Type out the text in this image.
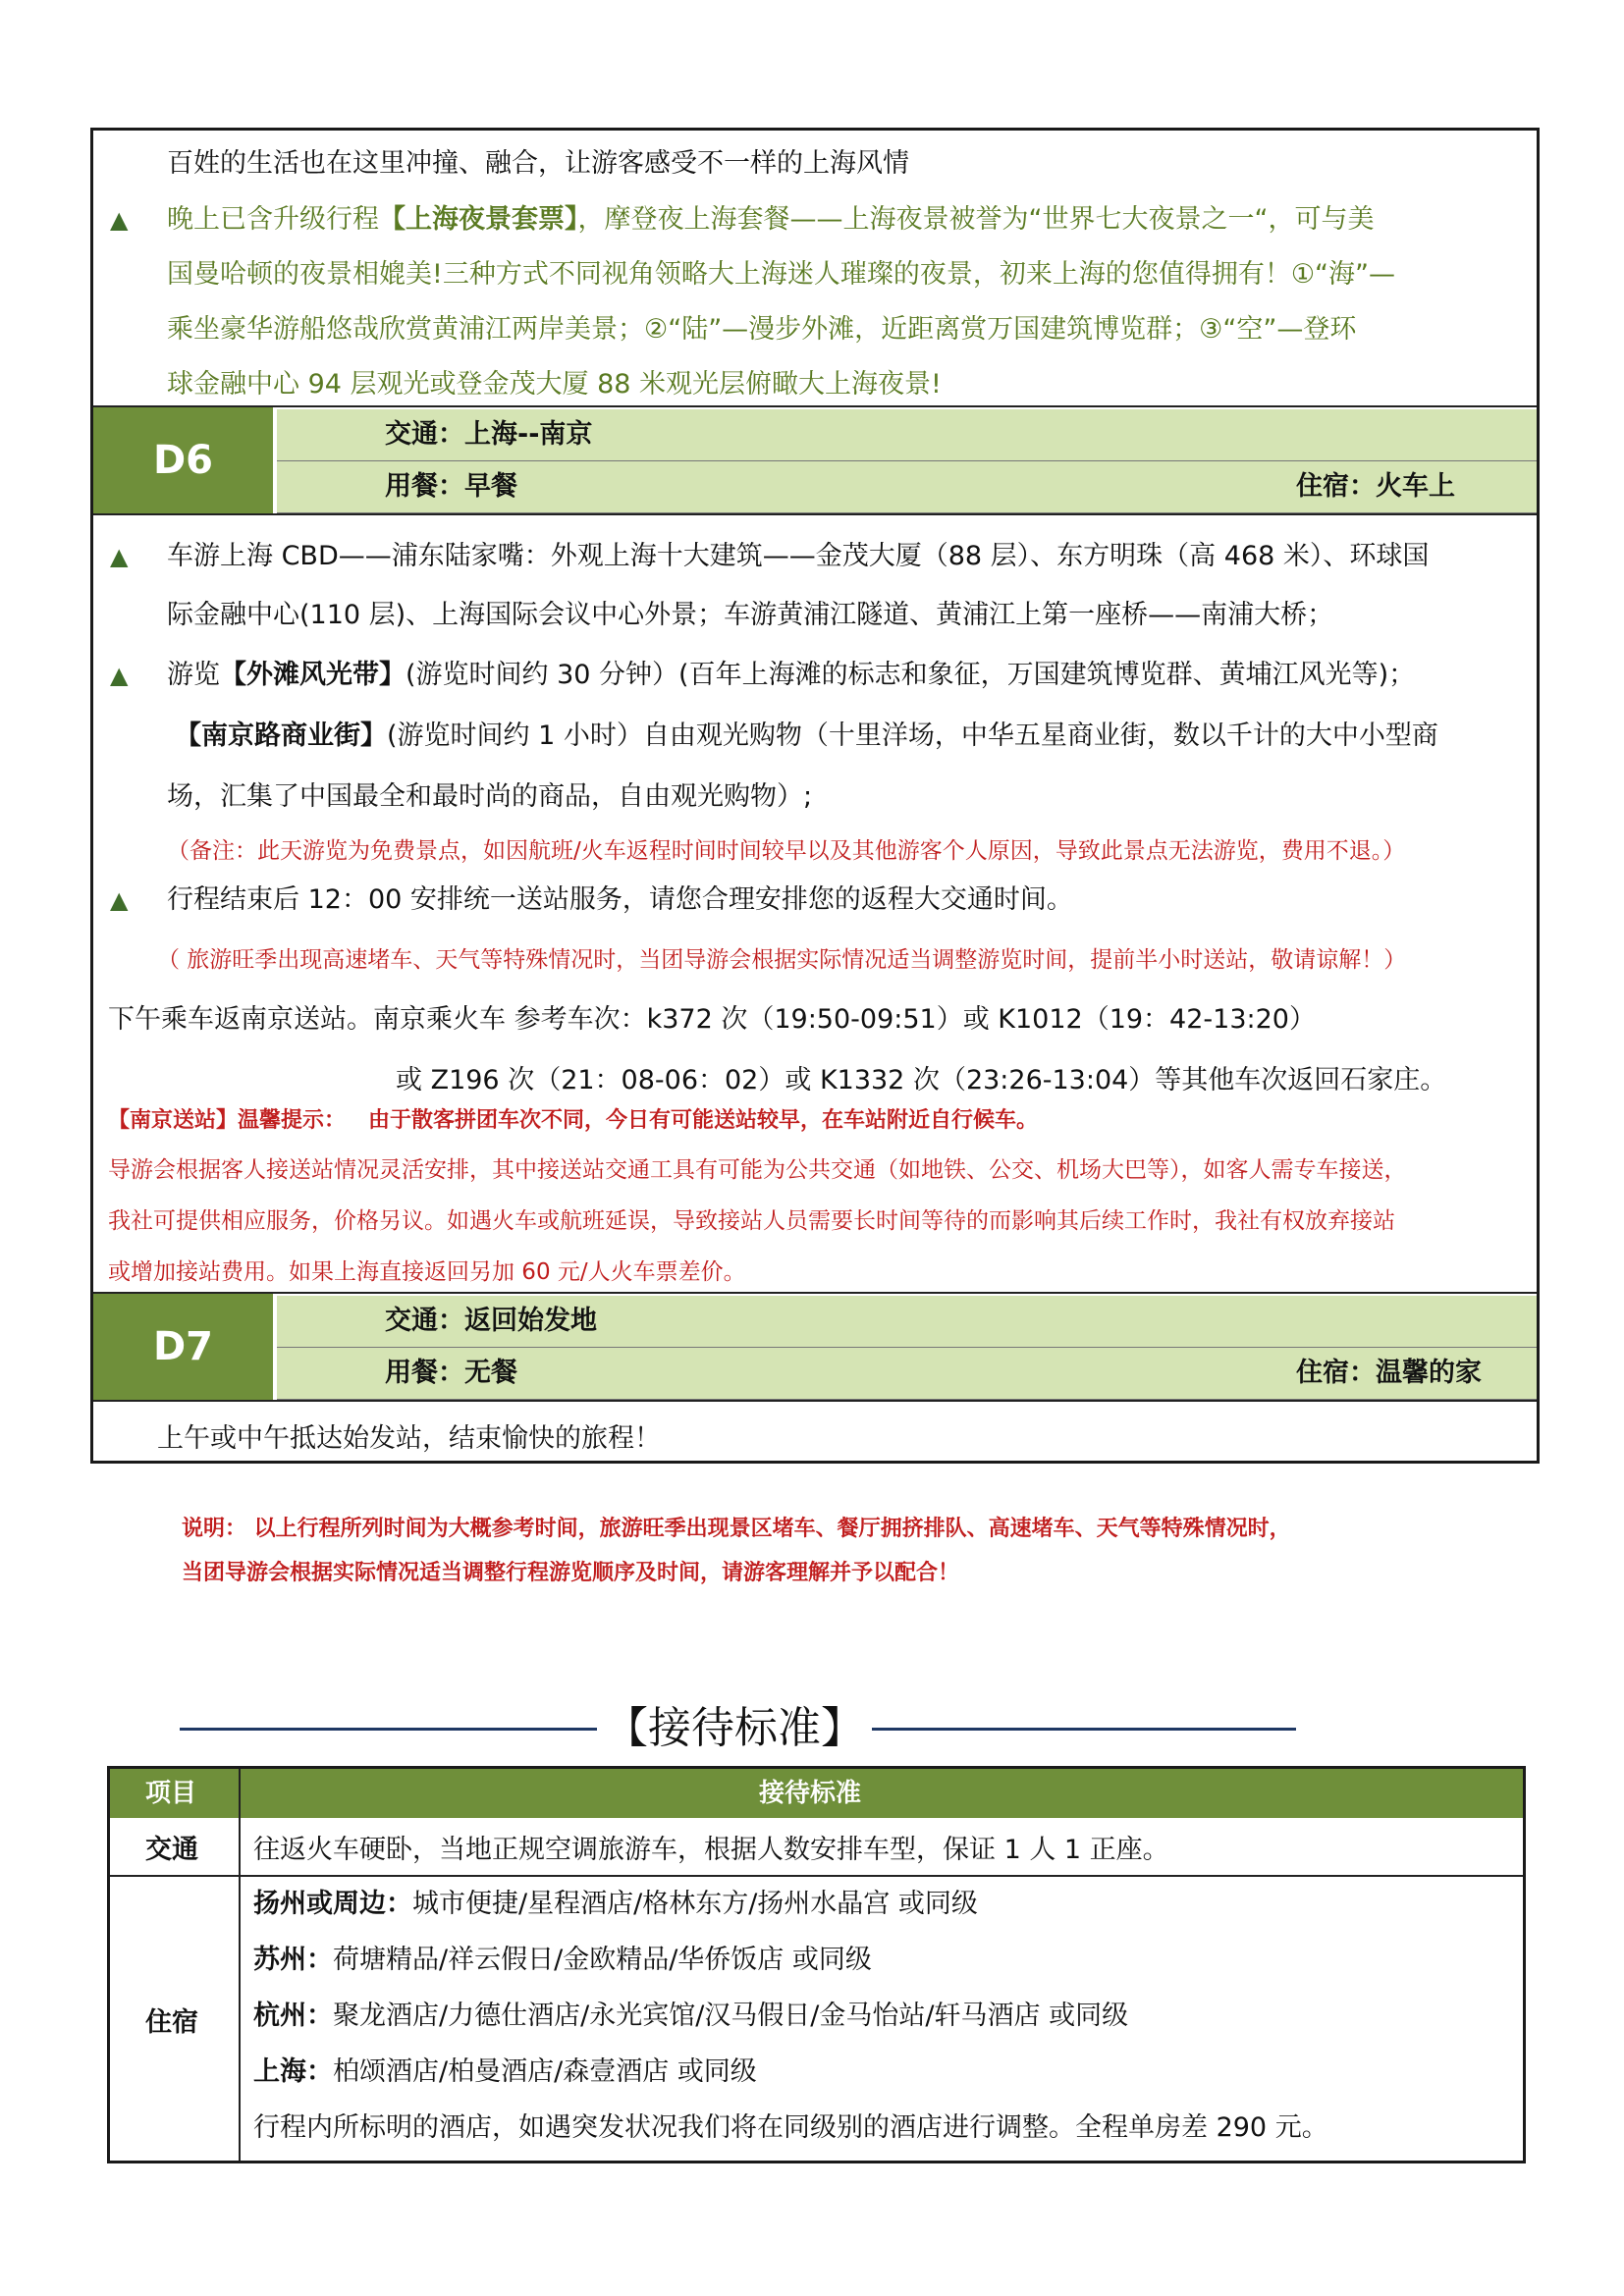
百姓的生活也在这里冲撞、融合，让游客感受不一样的上海风情
▲ 晚上已含升级行程【上海夜景套票】，摩登夜上海套餐——上海夜景被誉为“世界七大夜景之一“，可与美
国曼哈顿的夜景相媲美!三种方式不同视角领略大上海迷人璀璨的夜景，初来上海的您值得拥有！①“海”—
乘坐豪华游船悠哉欣赏黄浦江两岸美景；②“陆”—漫步外滩，近距离赏万国建筑博览群；③“空”—登环
球金融中心 94 层观光或登金茂大厦 88 米观光层俯瞰大上海夜景!
D6
交通：上海--南京
用餐：早餐	住宿：火车上
▲ 车游上海 CBD——浦东陆家嘴：外观上海十大建筑——金茂大厦（88 层）、东方明珠（高 468 米）、环球国
际金融中心(110 层)、上海国际会议中心外景；车游黄浦江隧道、黄浦江上第一座桥——南浦大桥；
▲ 游览【外滩风光带】(游览时间约 30 分钟）(百年上海滩的标志和象征，万国建筑博览群、黄埔江风光等)；
【南京路商业街】(游览时间约 1 小时）自由观光购物（十里洋场，中华五星商业街，数以千计的大中小型商
场，汇集了中国最全和最时尚的商品，自由观光购物）;
（备注：此天游览为免费景点，如因航班/火车返程时间时间较早以及其他游客个人原因，导致此景点无法游览，费用不退。）
▲ 行程结束后 12：00 安排统一送站服务，请您合理安排您的返程大交通时间。
（ 旅游旺季出现高速堵车、天气等特殊情况时，当团导游会根据实际情况适当调整游览时间，提前半小时送站，敬请谅解！）
下午乘车返南京送站。南京乘火车 参考车次：k372 次（19:50-09:51）或 K1012（19：42-13:20）
或 Z196 次（21：08-06：02）或 K1332 次（23:26-13:04）等其他车次返回石家庄。
【南京送站】温馨提示： 由于散客拼团车次不同，今日有可能送站较早，在车站附近自行候车。
导游会根据客人接送站情况灵活安排，其中接送站交通工具有可能为公共交通（如地铁、公交、机场大巴等），如客人需专车接送，
我社可提供相应服务，价格另议。如遇火车或航班延误，导致接站人员需要长时间等待的而影响其后续工作时，我社有权放弃接站
或增加接站费用。如果上海直接返回另加 60 元/人火车票差价。
D7
交通：返回始发地
用餐：无餐	住宿：温馨的家
上午或中午抵达始发站，结束愉快的旅程！
说明： 以上行程所列时间为大概参考时间，旅游旺季出现景区堵车、餐厅拥挤排队、高速堵车、天气等特殊情况时，
当团导游会根据实际情况适当调整行程游览顺序及时间，请游客理解并予以配合！
【接待标准】
项目	接待标准
交通 往返火车硬卧，当地正规空调旅游车，根据人数安排车型，保证 1 人 1 正座。
住宿
扬州或周边：城市便捷/星程酒店/格林东方/扬州水晶宫 或同级
苏州：荷塘精品/祥云假日/金欧精品/华侨饭店 或同级
杭州：聚龙酒店/力德仕酒店/永光宾馆/汉马假日/金马怡站/轩马酒店 或同级
上海：柏颂酒店/柏曼酒店/森壹酒店 或同级
行程内所标明的酒店，如遇突发状况我们将在同级别的酒店进行调整。全程单房差 290 元。
